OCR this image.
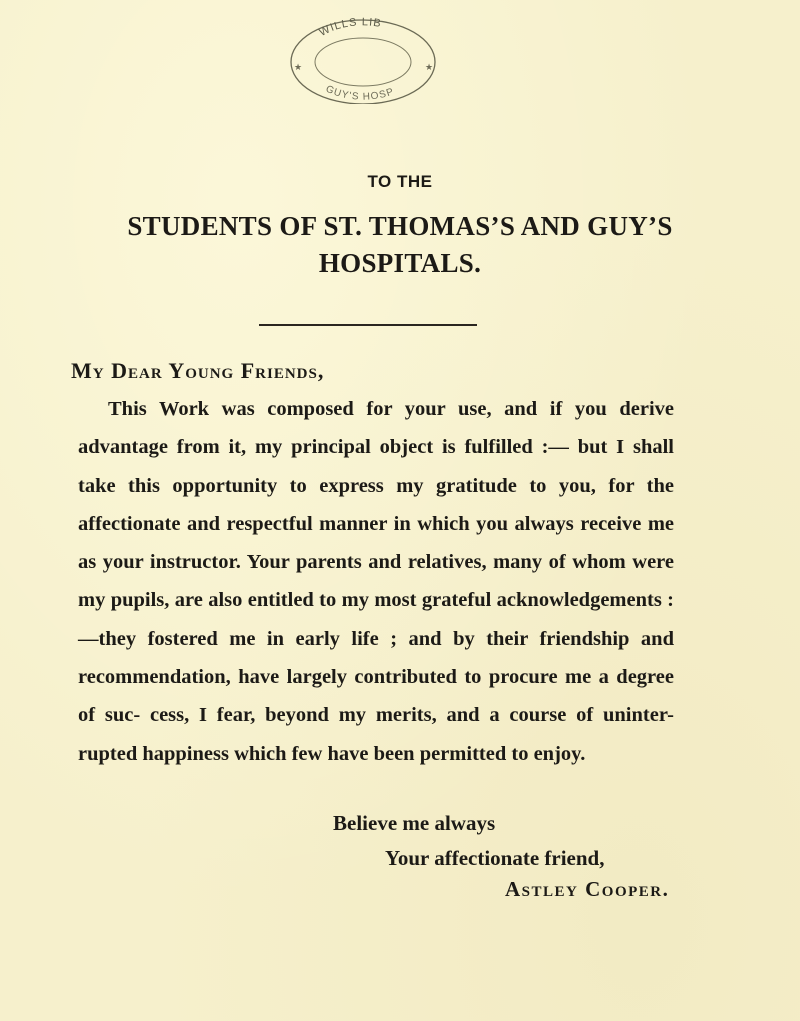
WILLS LIB
GUY'S HOSP
★	★
TO THE
STUDENTS OF ST. THOMAS’S AND GUY’S
HOSPITALS.
My Dear Young Friends,

This Work was composed for your use, and if you derive advantage from it, my principal object is fulfilled :— but I shall take this opportunity to express my gratitude to you, for the affectionate and respectful manner in which you always receive me as your instructor. Your parents and relatives, many of whom were my pupils, are also entitled to my most grateful acknowledgements :—they fostered me in early life ; and by their friendship and recommendation, have largely contributed to procure me a degree of suc- cess, I fear, beyond my merits, and a course of uninter- rupted happiness which few have been permitted to enjoy.

Believe me always
Your affectionate friend,
Astley Cooper.
